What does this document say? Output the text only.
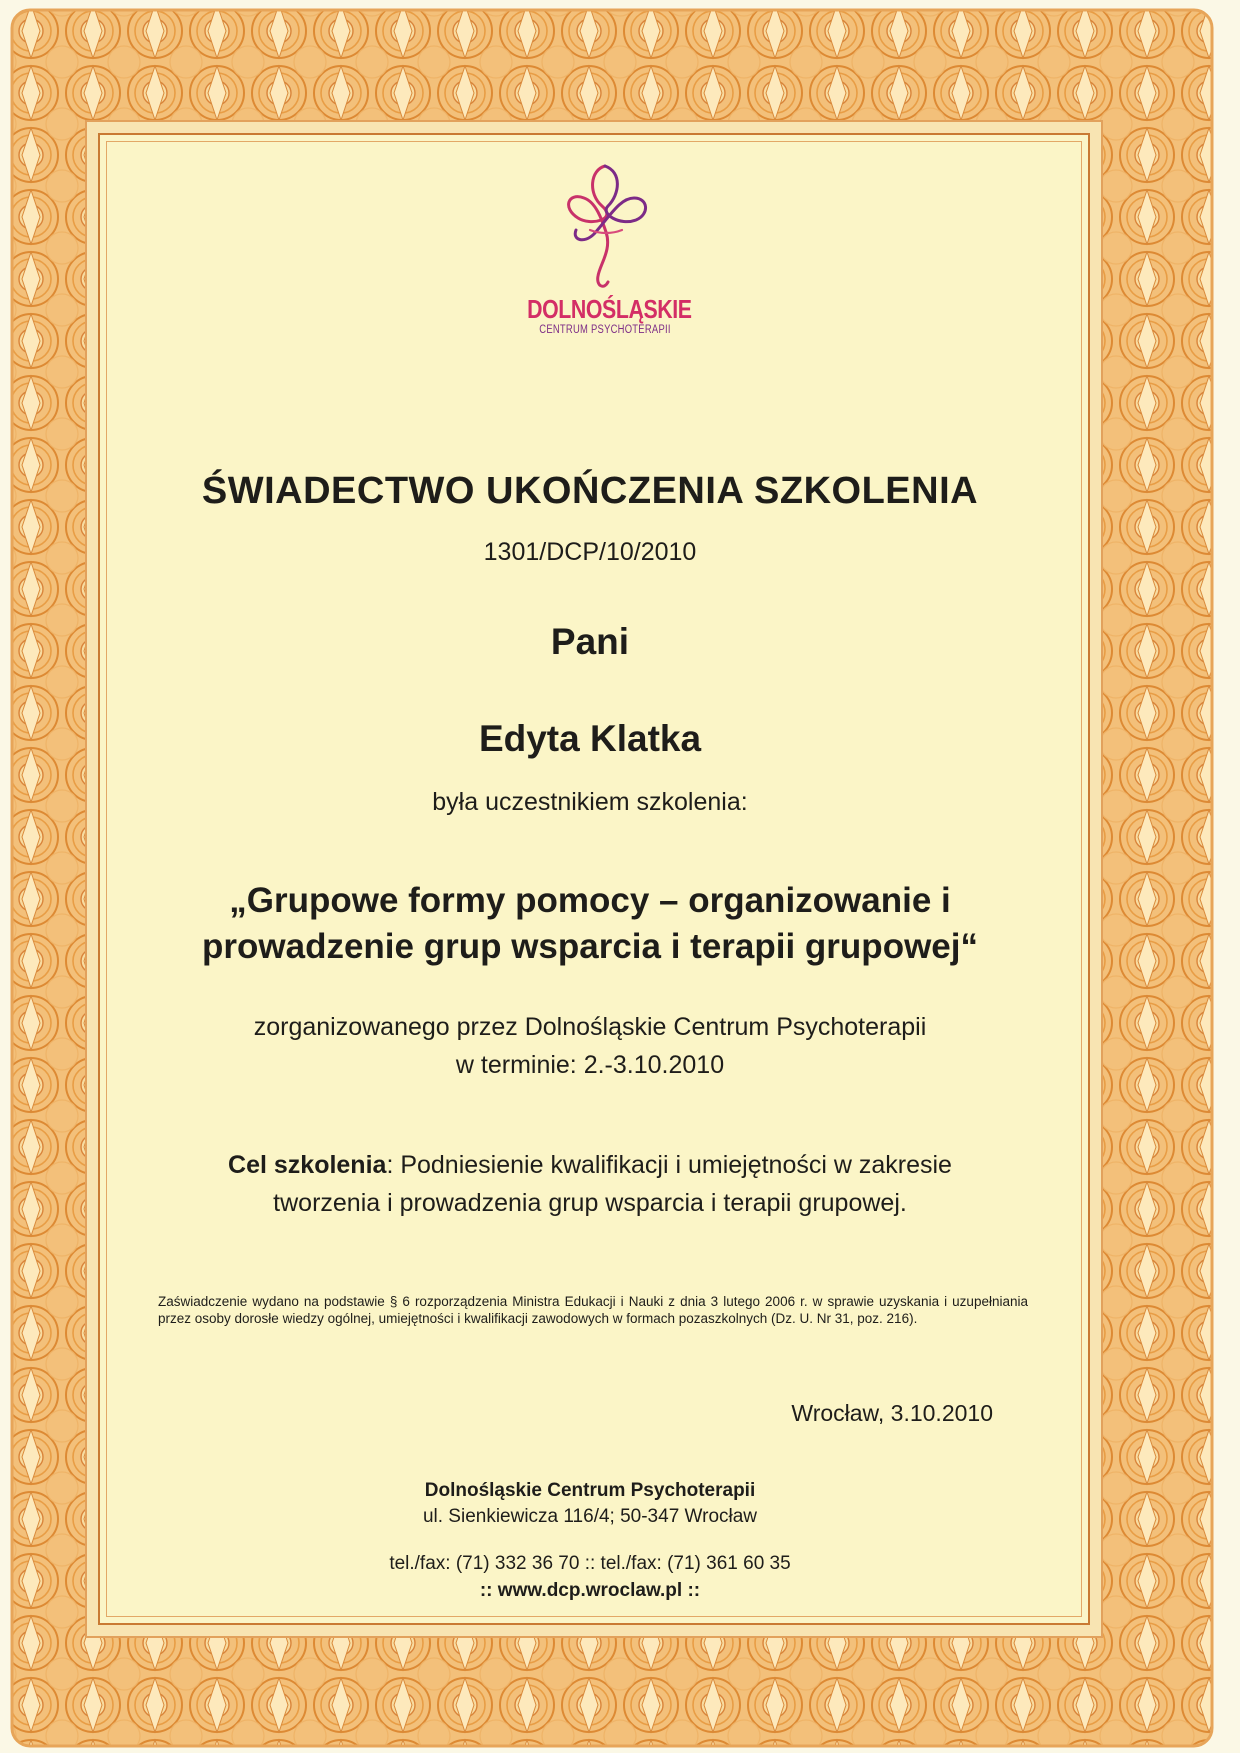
DOLNOŚLĄSKIE
CENTRUM PSYCHOTERAPII
ŚWIADECTWO UKOŃCZENIA SZKOLENIA
1301/DCP/10/2010
Pani
Edyta Klatka
była uczestnikiem szkolenia:
„Grupowe formy pomocy – organizowanie i
prowadzenie grup wsparcia i terapii grupowej“
zorganizowanego przez Dolnośląskie Centrum Psychoterapii
w terminie: 2.-3.10.2010
Cel szkolenia: Podniesienie kwalifikacji i umiejętności w zakresie
tworzenia i prowadzenia grup wsparcia i terapii grupowej.
Zaświadczenie wydano na podstawie § 6 rozporządzenia Ministra Edukacji i Nauki z dnia 3 lutego 2006 r. w sprawie uzyskania i uzupełniania przez osoby dorosłe wiedzy ogólnej, umiejętności i kwalifikacji zawodowych w formach pozaszkolnych (Dz. U. Nr 31, poz. 216).
Wrocław, 3.10.2010
Dolnośląskie Centrum Psychoterapii
ul. Sienkiewicza 116/4; 50-347 Wrocław
tel./fax: (71) 332 36 70 :: tel./fax: (71) 361 60 35
:: www.dcp.wroclaw.pl ::
